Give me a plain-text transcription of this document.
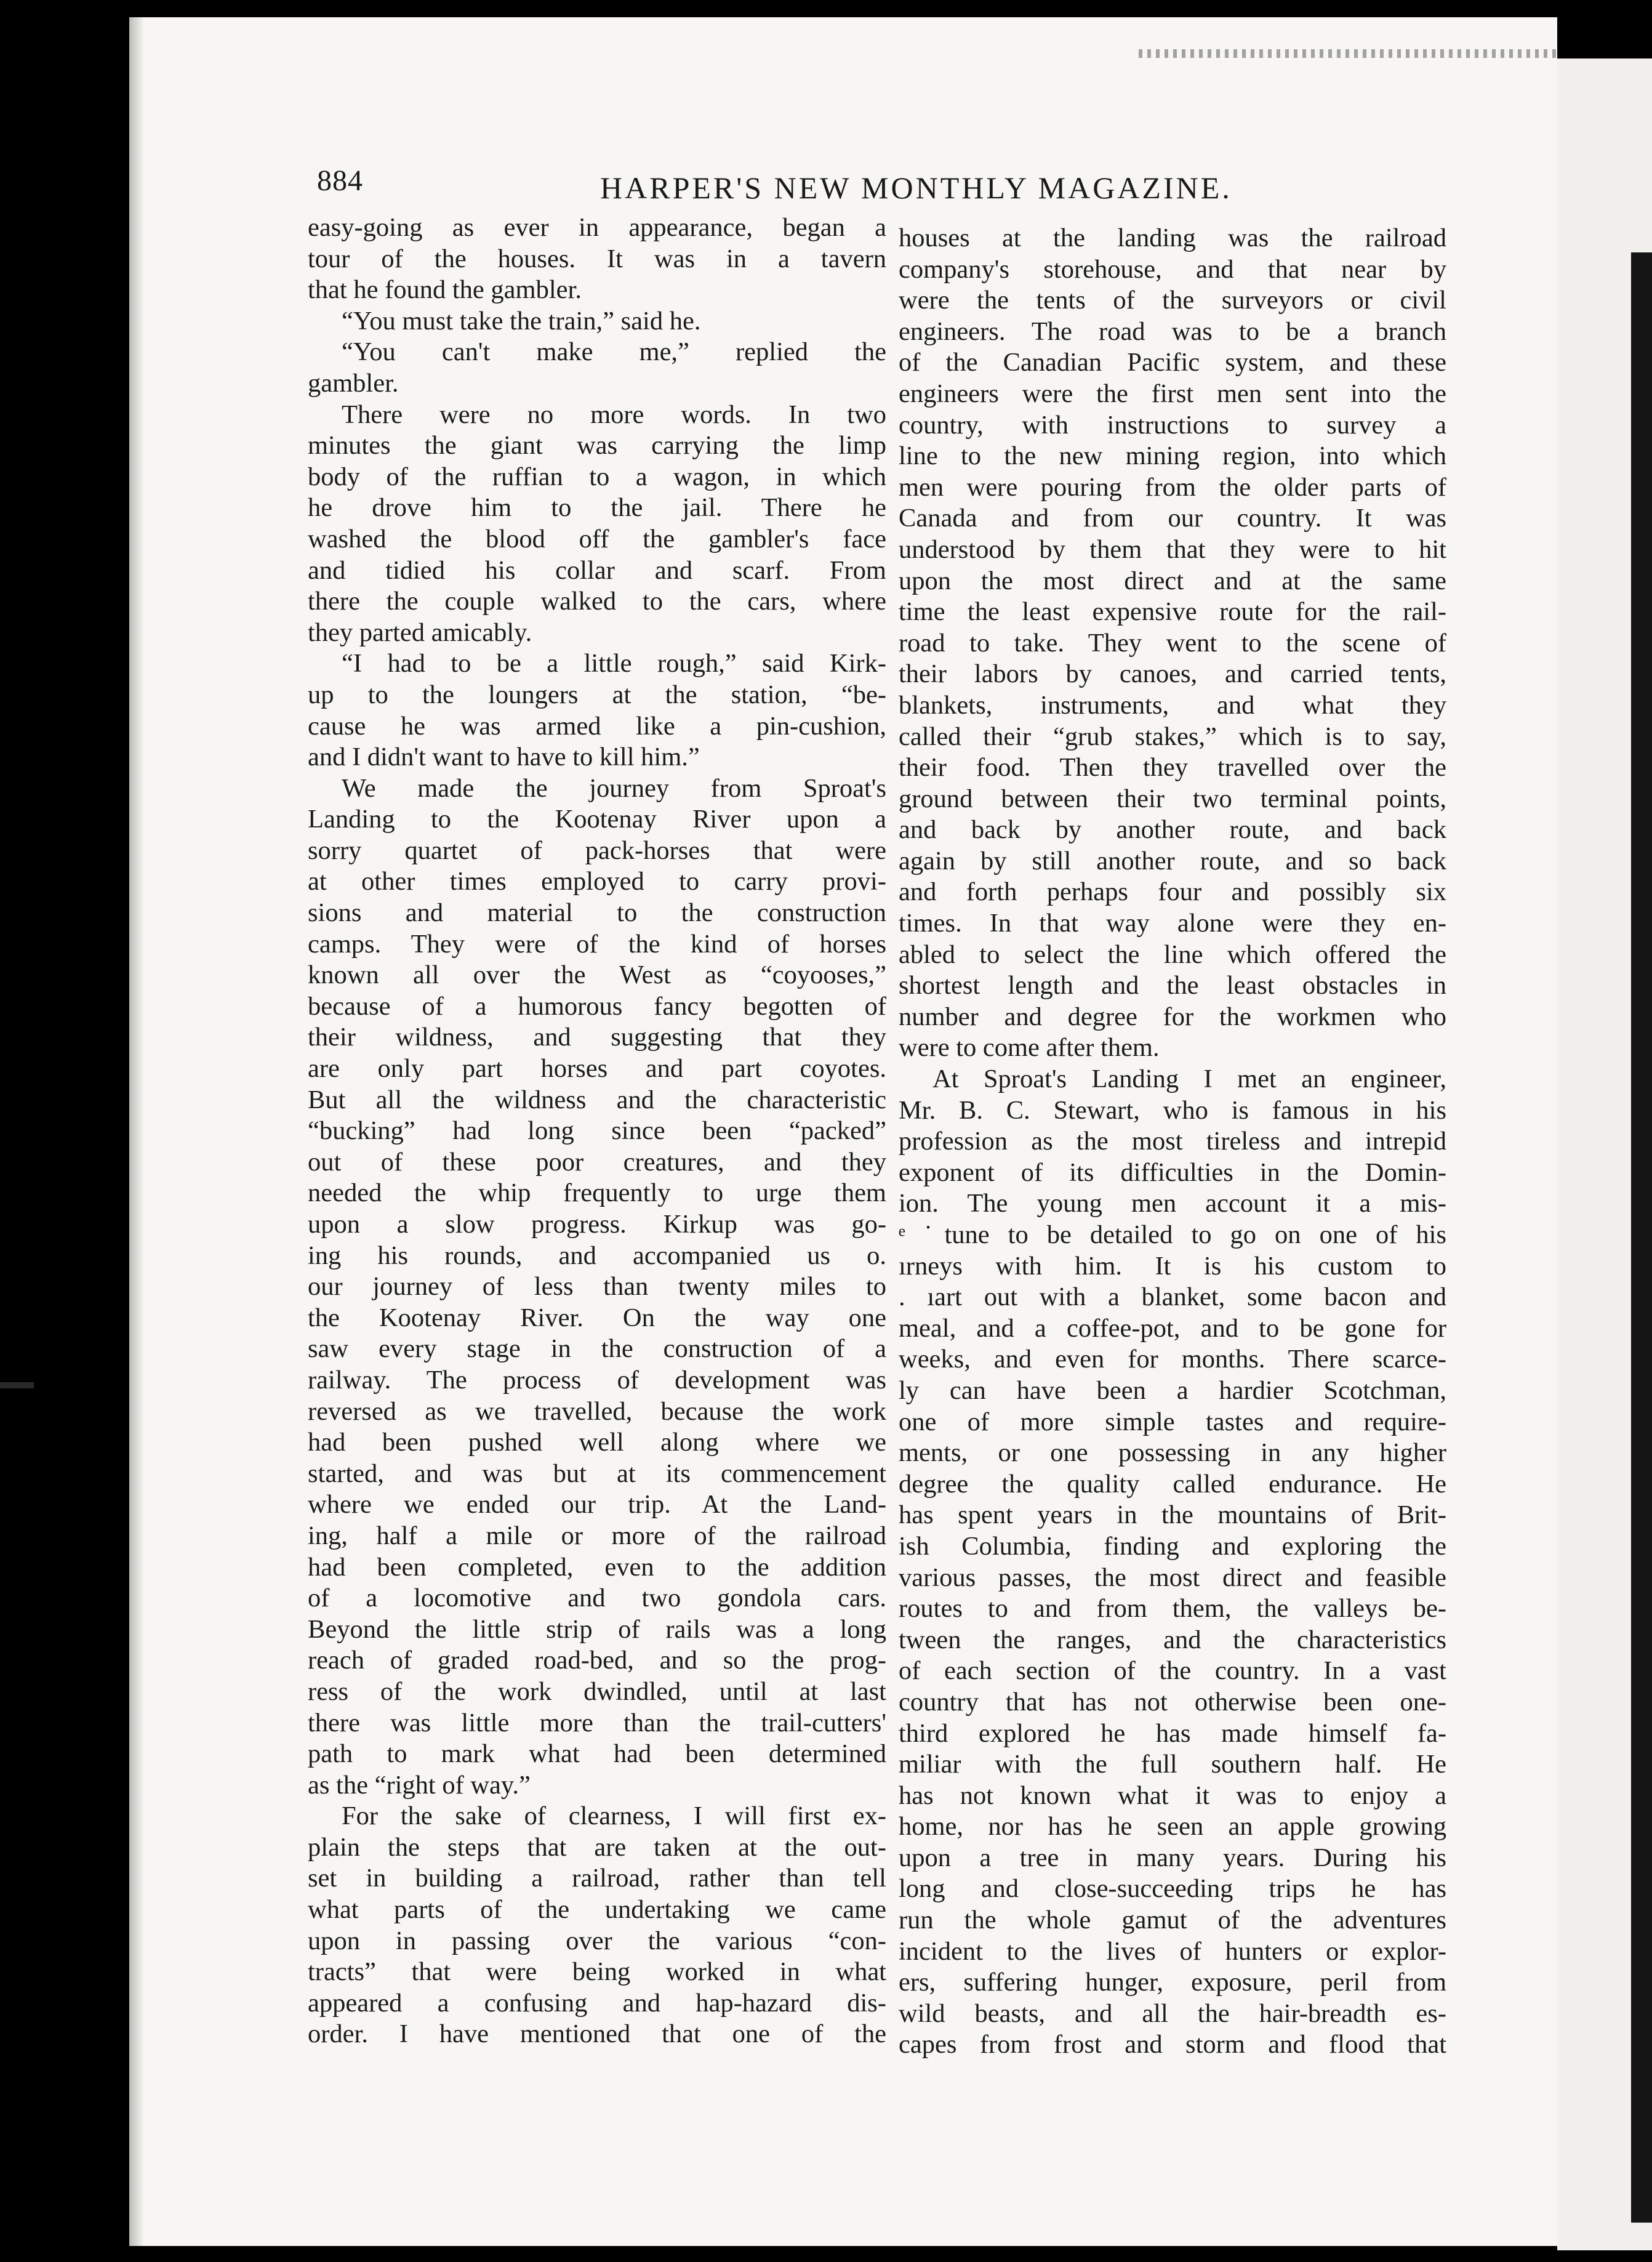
884	HARPER'S NEW MONTHLY MAGAZINE.
easy-going as ever in appearance, began a
tour of the houses. It was in a tavern
that he found the gambler.
“You must take the train,” said he.
“You can't make me,” replied the
gambler.
There were no more words. In two
minutes the giant was carrying the limp
body of the ruffian to a wagon, in which
he drove him to the jail. There he
washed the blood off the gambler's face
and tidied his collar and scarf. From
there the couple walked to the cars, where
they parted amicably.
“I had to be a little rough,” said Kirk-
up to the loungers at the station, “be-
cause he was armed like a pin-cushion,
and I didn't want to have to kill him.”
We made the journey from Sproat's
Landing to the Kootenay River upon a
sorry quartet of pack-horses that were
at other times employed to carry provi-
sions and material to the construction
camps. They were of the kind of horses
known all over the West as “coyooses,”
because of a humorous fancy begotten of
their wildness, and suggesting that they
are only part horses and part coyotes.
But all the wildness and the characteristic
“bucking” had long since been “packed”
out of these poor creatures, and they
needed the whip frequently to urge them
upon a slow progress. Kirkup was go-
ing his rounds, and accompanied us o.
our journey of less than twenty miles to
the Kootenay River. On the way one
saw every stage in the construction of a
railway. The process of development was
reversed as we travelled, because the work
had been pushed well along where we
started, and was but at its commencement
where we ended our trip. At the Land-
ing, half a mile or more of the railroad
had been completed, even to the addition
of a locomotive and two gondola cars.
Beyond the little strip of rails was a long
reach of graded road-bed, and so the prog-
ress of the work dwindled, until at last
there was little more than the trail-cutters'
path to mark what had been determined
as the “right of way.”
For the sake of clearness, I will first ex-
plain the steps that are taken at the out-
set in building a railroad, rather than tell
what parts of the undertaking we came
upon in passing over the various “con-
tracts” that were being worked in what
appeared a confusing and hap-hazard dis-
order. I have mentioned that one of the
houses at the landing was the railroad
company's storehouse, and that near by
were the tents of the surveyors or civil
engineers. The road was to be a branch
of the Canadian Pacific system, and these
engineers were the first men sent into the
country, with instructions to survey a
line to the new mining region, into which
men were pouring from the older parts of
Canada and from our country. It was
understood by them that they were to hit
upon the most direct and at the same
time the least expensive route for the rail-
road to take. They went to the scene of
their labors by canoes, and carried tents,
blankets, instruments, and what they
called their “grub stakes,” which is to say,
their food. Then they travelled over the
ground between their two terminal points,
and back by another route, and back
again by still another route, and so back
and forth perhaps four and possibly six
times. In that way alone were they en-
abled to select the line which offered the
shortest length and the least obstacles in
number and degree for the workmen who
were to come after them.
At Sproat's Landing I met an engineer,
Mr. B. C. Stewart, who is famous in his
profession as the most tireless and intrepid
exponent of its difficulties in the Domin-
ion. The young men account it a mis-
ᵉ ˙tune to be detailed to go on one of his
ırneys with him. It is his custom to
. ıart out with a blanket, some bacon and
meal, and a coffee-pot, and to be gone for
weeks, and even for months. There scarce-
ly can have been a hardier Scotchman,
one of more simple tastes and require-
ments, or one possessing in any higher
degree the quality called endurance. He
has spent years in the mountains of Brit-
ish Columbia, finding and exploring the
various passes, the most direct and feasible
routes to and from them, the valleys be-
tween the ranges, and the characteristics
of each section of the country. In a vast
country that has not otherwise been one-
third explored he has made himself fa-
miliar with the full southern half. He
has not known what it was to enjoy a
home, nor has he seen an apple growing
upon a tree in many years. During his
long and close-succeeding trips he has
run the whole gamut of the adventures
incident to the lives of hunters or explor-
ers, suffering hunger, exposure, peril from
wild beasts, and all the hair-breadth es-
capes from frost and storm and flood that
